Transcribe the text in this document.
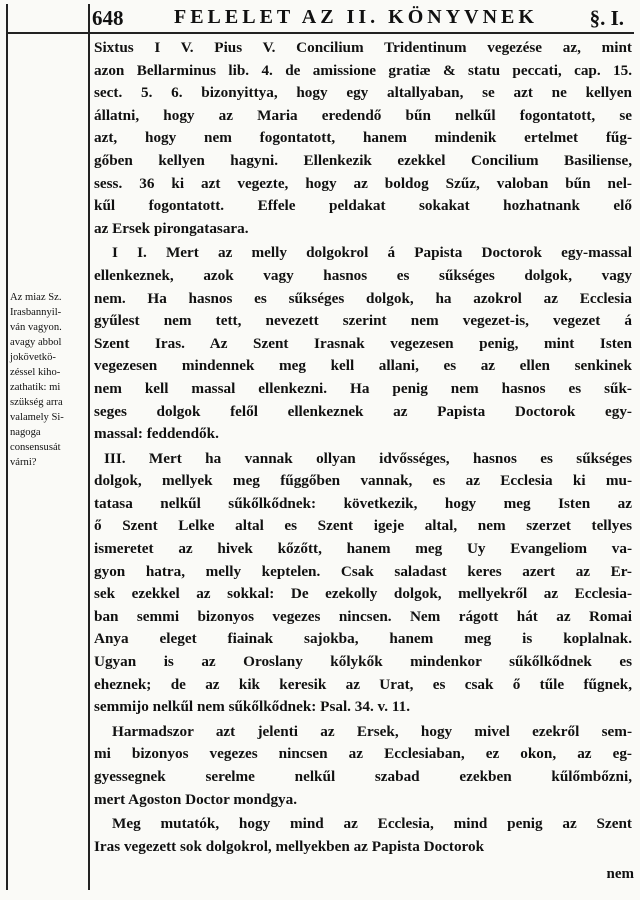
648	FELELET AZ II. KÖNYVNEK §. I.
Az miaz Sz.
Irasbannyil-
ván vagyon.
avagy abbol
jokövetkö-
zéssel kiho-
zathatik: mi
szükség arra
valamely Si-
nagoga
consensusát
várni?
Sixtus I V. Pius V. Concilium Tridentinum vegezése az, mint
azon Bellarminus lib. 4. de amissione gratiæ & statu peccati, cap. 15.
sect. 5. 6. bizonyittya, hogy egy altallyaban, se azt ne kellyen
állatni, hogy az Maria eredendő bűn nelkűl fogontatott, se
azt, hogy nem fogontatott, hanem mindenik ertelmet fűg-
gőben kellyen hagyni. Ellenkezik ezekkel Concilium Basiliense,
sess. 36 ki azt vegezte, hogy az boldog Szűz, valoban bűn nel-
kűl fogontatott. Effele peldakat sokakat hozhatnank elő
az Ersek pirongatasara.
I I. Mert az melly dolgokrol á Papista Doctorok egy-massal
ellenkeznek, azok vagy hasnos es sűkséges dolgok, vagy
nem. Ha hasnos es sűkséges dolgok, ha azokrol az Ecclesia
gyűlest nem tett, nevezett szerint nem vegezet-is, vegezet á
Szent Iras. Az Szent Irasnak vegezesen penig, mint Isten
vegezesen mindennek meg kell allani, es az ellen senkinek
nem kell massal ellenkezni. Ha penig nem hasnos es sűk-
seges dolgok felől ellenkeznek az Papista Doctorok egy-
massal: feddendők.
III. Mert ha vannak ollyan idvősséges, hasnos es sűkséges
dolgok, mellyek meg fűggőben vannak, es az Ecclesia ki mu-
tatasa nelkűl sűkőlkődnek: következik, hogy meg Isten az
ő Szent Lelke altal es Szent igeje altal, nem szerzet tellyes
ismeretet az hivek kőzőtt, hanem meg Uy Evangeliom va-
gyon hatra, melly keptelen. Csak saladast keres azert az Er-
sek ezekkel az sokkal: De ezekolly dolgok, mellyekről az Ecclesia-
ban semmi bizonyos vegezes nincsen. Nem rágott hát az Romai
Anya eleget fiainak sajokba, hanem meg is koplalnak.
Ugyan is az Oroslany kőlykők mindenkor sűkőlkődnek es
eheznek; de az kik keresik az Urat, es csak ő tűle fűgnek,
semmijo nelkűl nem sűkőlkődnek: Psal. 34. v. 11.
Harmadszor azt jelenti az Ersek, hogy mivel ezekről sem-
mi bizonyos vegezes nincsen az Ecclesiaban, ez okon, az eg-
gyessegnek serelme nelkűl szabad ezekben kűlőmbőzni,
mert Agoston Doctor mondgya.
Meg mutatók, hogy mind az Ecclesia, mind penig az Szent
Iras vegezett sok dolgokrol, mellyekben az Papista Doctorok
nem
